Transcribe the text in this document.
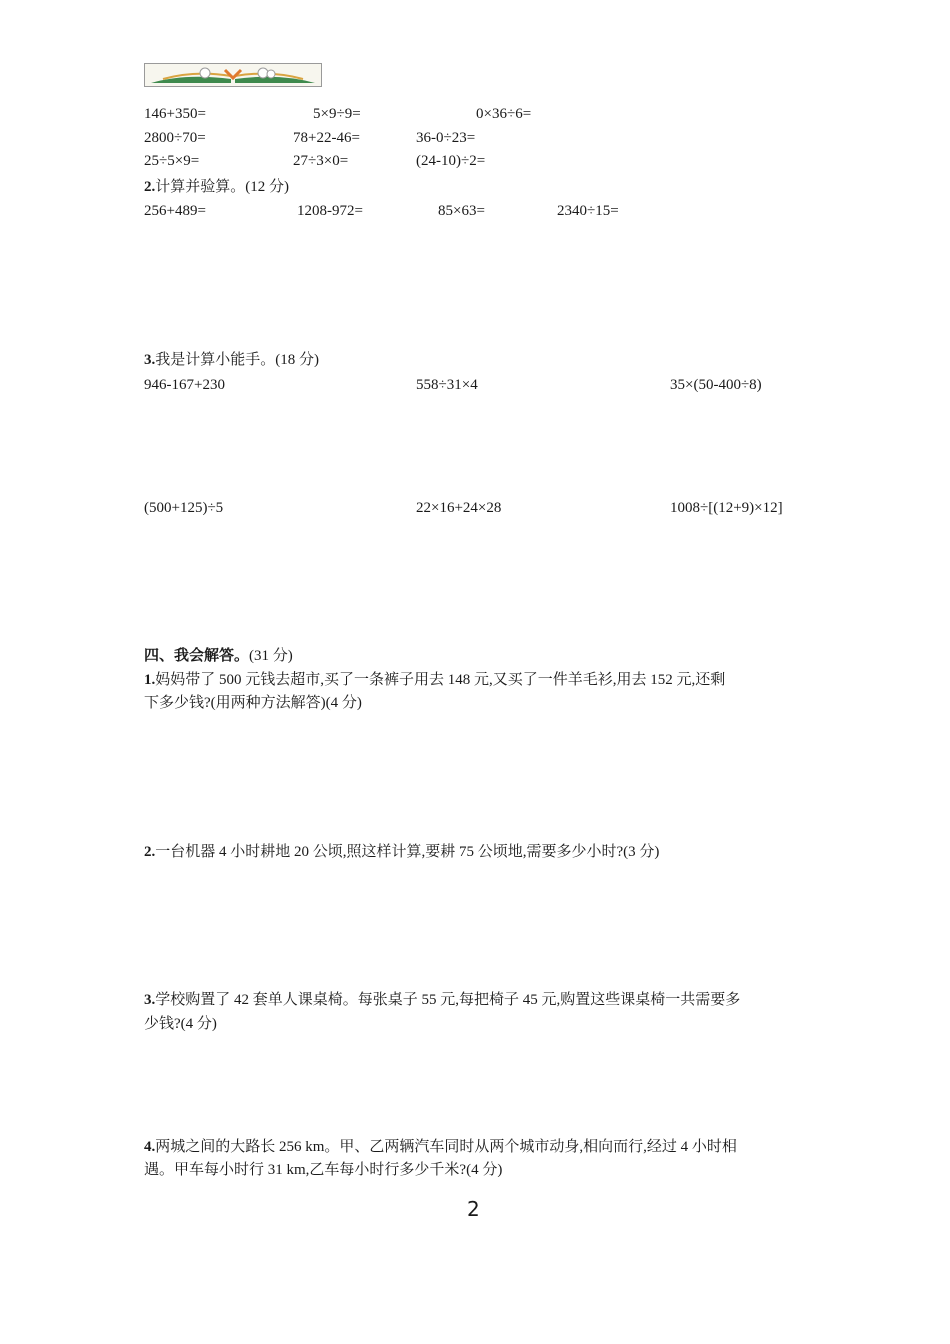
146+350=	5×9÷9=	0×36÷6=
2800÷70=	78+22-46=	36-0÷23=
25÷5×9=	27÷3×0=	(24-10)÷2=
2.计算并验算。(12 分)
256+489=	1208-972=	85×63=	2340÷15=
3.我是计算小能手。(18 分)
946-167+230	558÷31×4	35×(50-400÷8)
(500+125)÷5	22×16+24×28	1008÷[(12+9)×12]
四、我会解答。(31 分)
1.妈妈带了 500 元钱去超市,买了一条裤子用去 148 元,又买了一件羊毛衫,用去 152 元,还剩
下多少钱?(用两种方法解答)(4 分)
2.一台机器 4 小时耕地 20 公顷,照这样计算,要耕 75 公顷地,需要多少小时?(3 分)
3.学校购置了 42 套单人课桌椅。每张桌子 55 元,每把椅子 45 元,购置这些课桌椅一共需要多
少钱?(4 分)
4.两城之间的大路长 256 km。甲、乙两辆汽车同时从两个城市动身,相向而行,经过 4 小时相
遇。甲车每小时行 31 km,乙车每小时行多少千米?(4 分)
2
